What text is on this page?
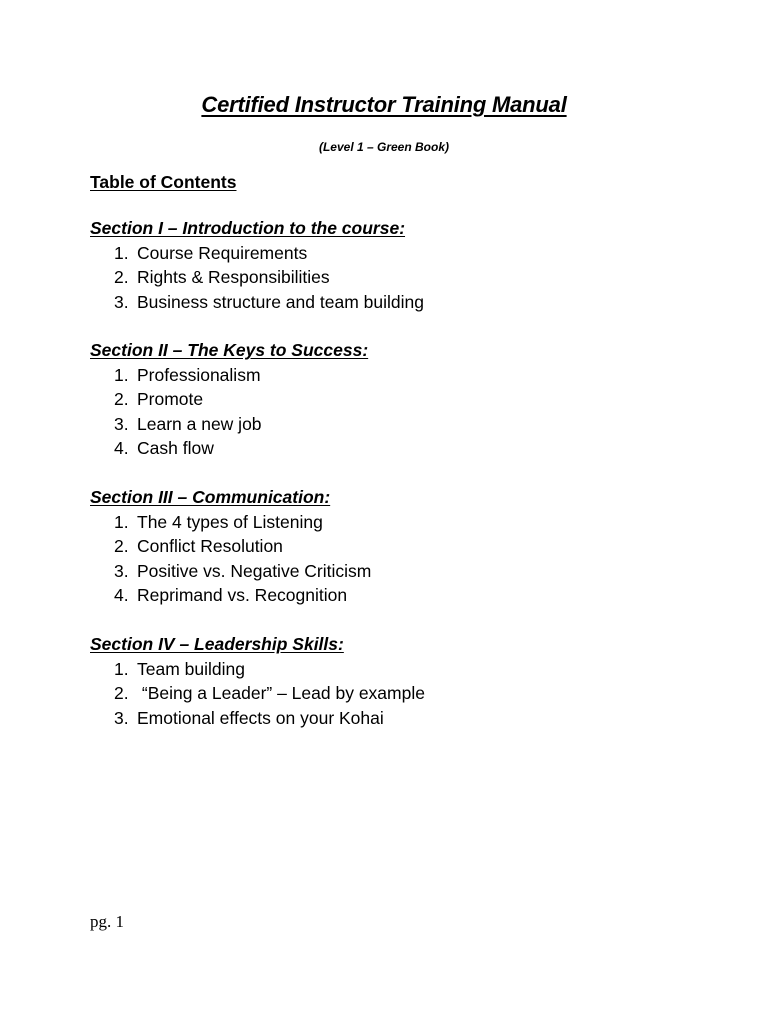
Certified Instructor Training Manual
(Level 1 – Green Book)
Table of Contents
Section I – Introduction to the course:
1. Course Requirements
2. Rights & Responsibilities
3. Business structure and team building
Section II – The Keys to Success:
1. Professionalism
2. Promote
3. Learn a new job
4. Cash flow
Section III – Communication:
1. The 4 types of Listening
2. Conflict Resolution
3. Positive vs. Negative Criticism
4. Reprimand vs. Recognition
Section IV – Leadership Skills:
1. Team building
2. “Being a Leader” – Lead by example
3. Emotional effects on your Kohai
pg. 1
